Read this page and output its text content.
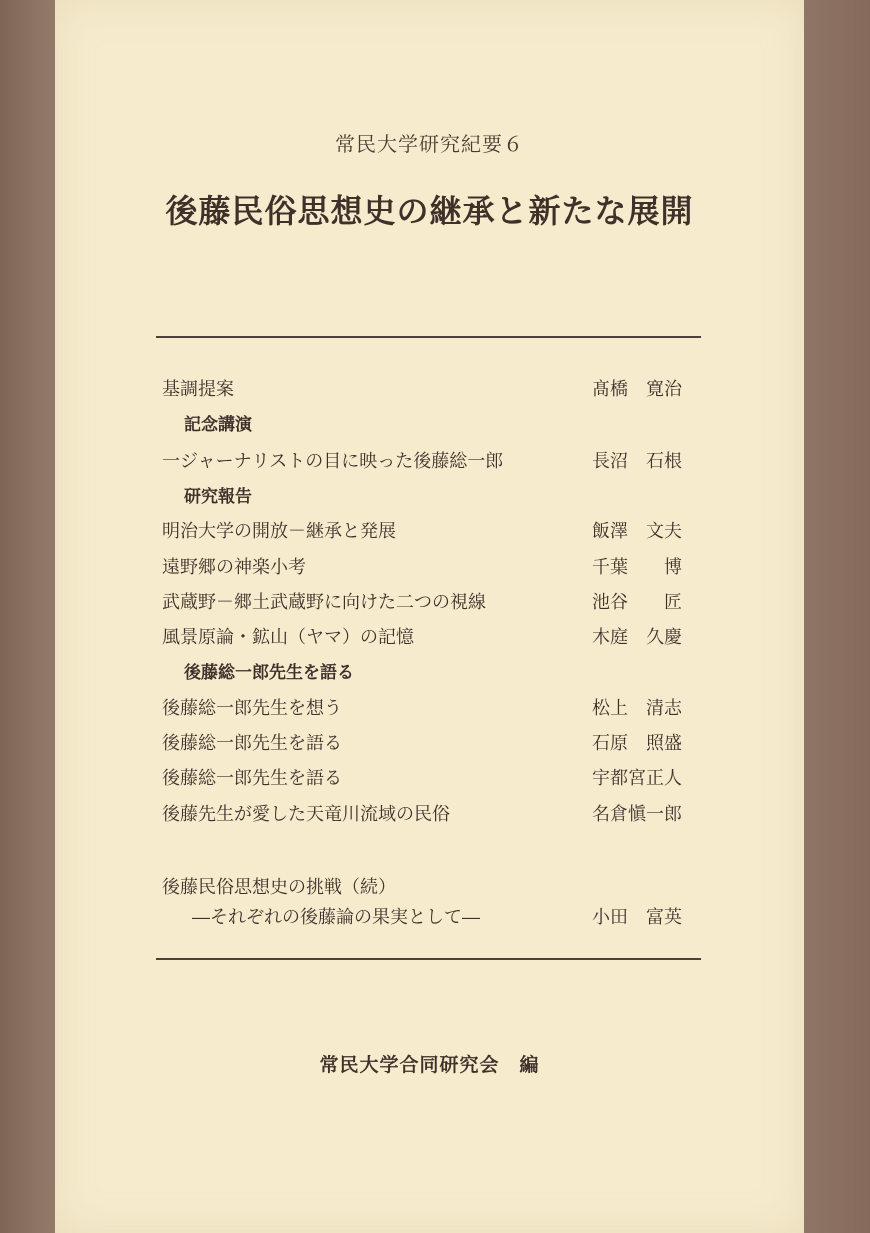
常民大学研究紀要６
後藤民俗思想史の継承と新たな展開
基調提案	髙橋　寛治
記念講演
一ジャーナリストの目に映った後藤総一郎	長沼　石根
研究報告
明治大学の開放－継承と発展	飯澤　文夫
遠野郷の神楽小考	千葉　　博
武蔵野－郷土武蔵野に向けた二つの視線	池谷　　匠
風景原論・鉱山（ヤマ）の記憶	木庭　久慶
後藤総一郎先生を語る
後藤総一郎先生を想う	松上　清志
後藤総一郎先生を語る	石原　照盛
後藤総一郎先生を語る	宇都宮正人
後藤先生が愛した天竜川流域の民俗	名倉愼一郎
後藤民俗思想史の挑戦（続）
―それぞれの後藤論の果実として―	小田　富英
常民大学合同研究会　編
